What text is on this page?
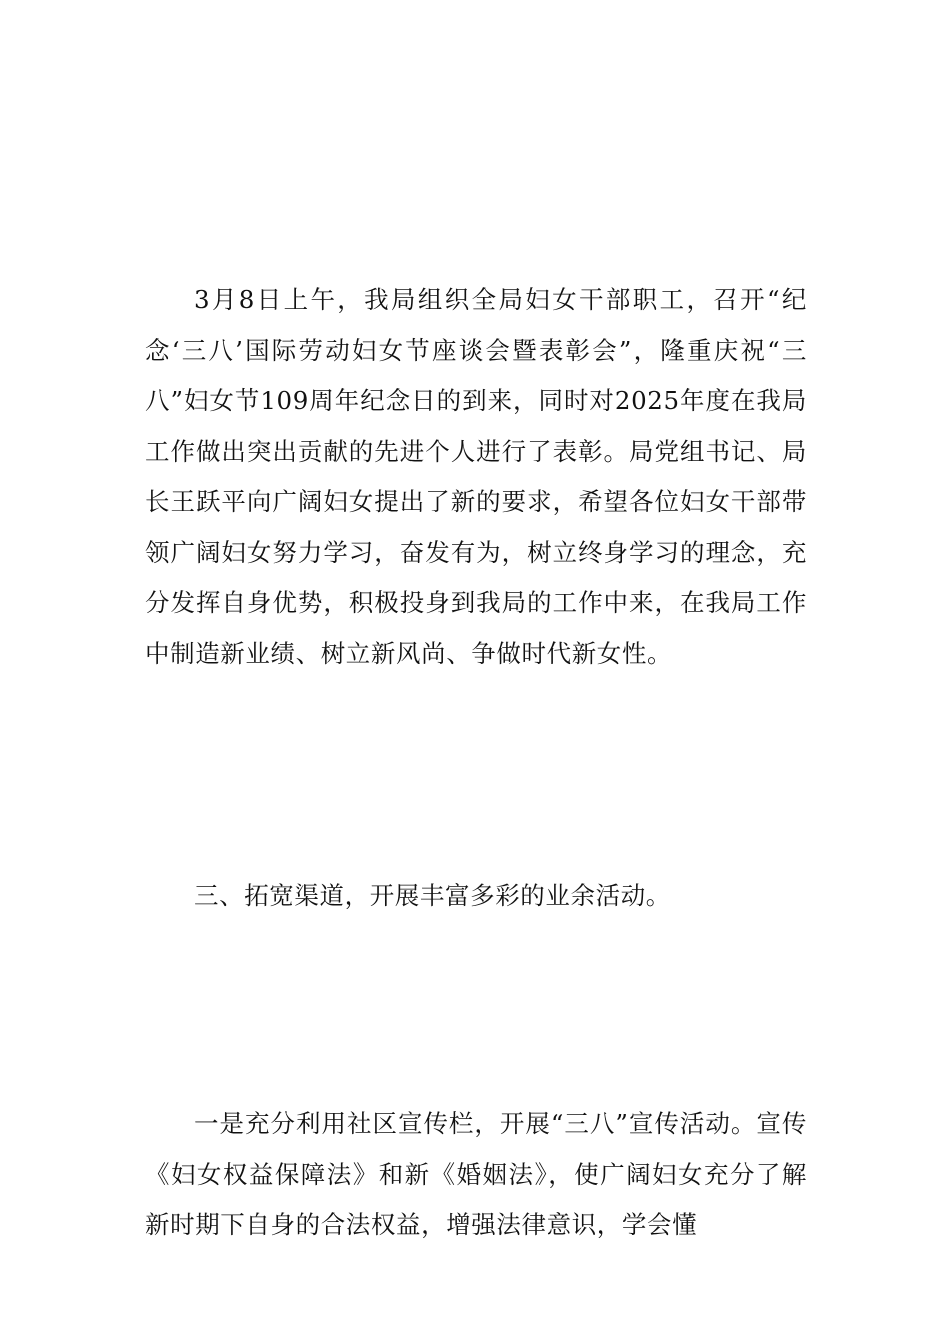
3月8日上午，我局组织全局妇女干部职工，召开“纪念‘三八’国际劳动妇女节座谈会暨表彰会”，隆重庆祝“三八”妇女节109周年纪念日的到来，同时对2025年度在我局工作做出突出贡献的先进个人进行了表彰。局党组书记、局长王跃平向广阔妇女提出了新的要求，希望各位妇女干部带领广阔妇女努力学习，奋发有为，树立终身学习的理念，充分发挥自身优势，积极投身到我局的工作中来，在我局工作中制造新业绩、树立新风尚、争做时代新女性。

三、拓宽渠道，开展丰富多彩的业余活动。

一是充分利用社区宣传栏，开展“三八”宣传活动。宣传《妇女权益保障法》和新《婚姻法》，使广阔妇女充分了解新时期下自身的合法权益，增强法律意识，学会懂
